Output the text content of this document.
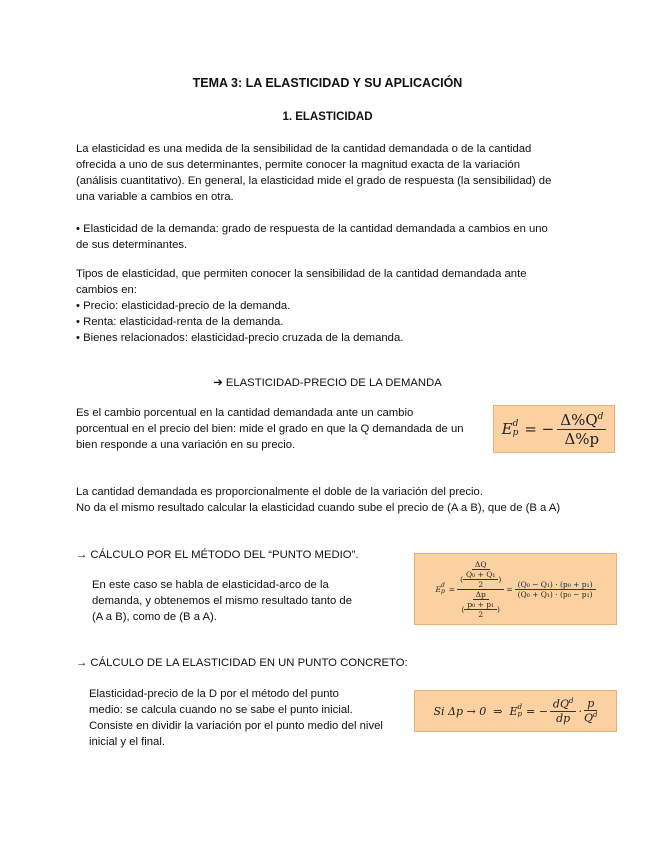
TEMA 3: LA ELASTICIDAD Y SU APLICACIÓN
1. ELASTICIDAD
La elasticidad es una medida de la sensibilidad de la cantidad demandada o de la cantidad
ofrecida a uno de sus determinantes, permite conocer la magnitud exacta de la variación
(análisis cuantitativo). En general, la elasticidad mide el grado de respuesta (la sensibilidad) de
una variable a cambios en otra.
• Elasticidad de la demanda: grado de respuesta de la cantidad demandada a cambios en uno
de sus determinantes.
Tipos de elasticidad, que permiten conocer la sensibilidad de la cantidad demandada ante
cambios en:
• Precio: elasticidad-precio de la demanda.
• Renta: elasticidad-renta de la demanda.
• Bienes relacionados: elasticidad-precio cruzada de la demanda.
➔ ELASTICIDAD-PRECIO DE LA DEMANDA
Es el cambio porcentual en la cantidad demandada ante un cambio
porcentual en el precio del bien: mide el grado en que la Q demandada de un
bien responde a una variación en su precio.
E d
p = − $\frac{\Delta\%Q^d}{\Delta\%p}$
La cantidad demandada es proporcionalmente el doble de la variación del precio.
No da el mismo resultado calcular la elasticidad cuando sube el precio de (A a B), que de (B a A)
→ CÁLCULO POR EL MÉTODO DEL “PUNTO MEDIO”.
En este caso se habla de elasticidad-arco de la
demanda, y obtenemos el mismo resultado tanto de
(A a B), como de (B a A).
E d
$p = \frac{\frac{\Delta Q}{( \frac{\text{Q₀ + Q₁}}{2} )}}{\frac{\Delta p}{( \frac{\text{p₀ + p₁}}{2} )}} = \frac{\text{(Q₀ − Q₁) · (p₀ + p₁)}}{\text{(Q₀ + Q₁) · (p₀ − p₁)}}$
→ CÁLCULO DE LA ELASTICIDAD EN UN PUNTO CONCRETO:
Elasticidad-precio de la D por el método del punto
medio: se calcula cuando no se sabe el punto inicial.
Consiste en dividir la variación por el punto medio del nivel
inicial y el final.
Si Δp → 0 ⇒ E d
p = − $\frac{dQ^d}{dp} \cdot \frac{p}{Q^d}$
